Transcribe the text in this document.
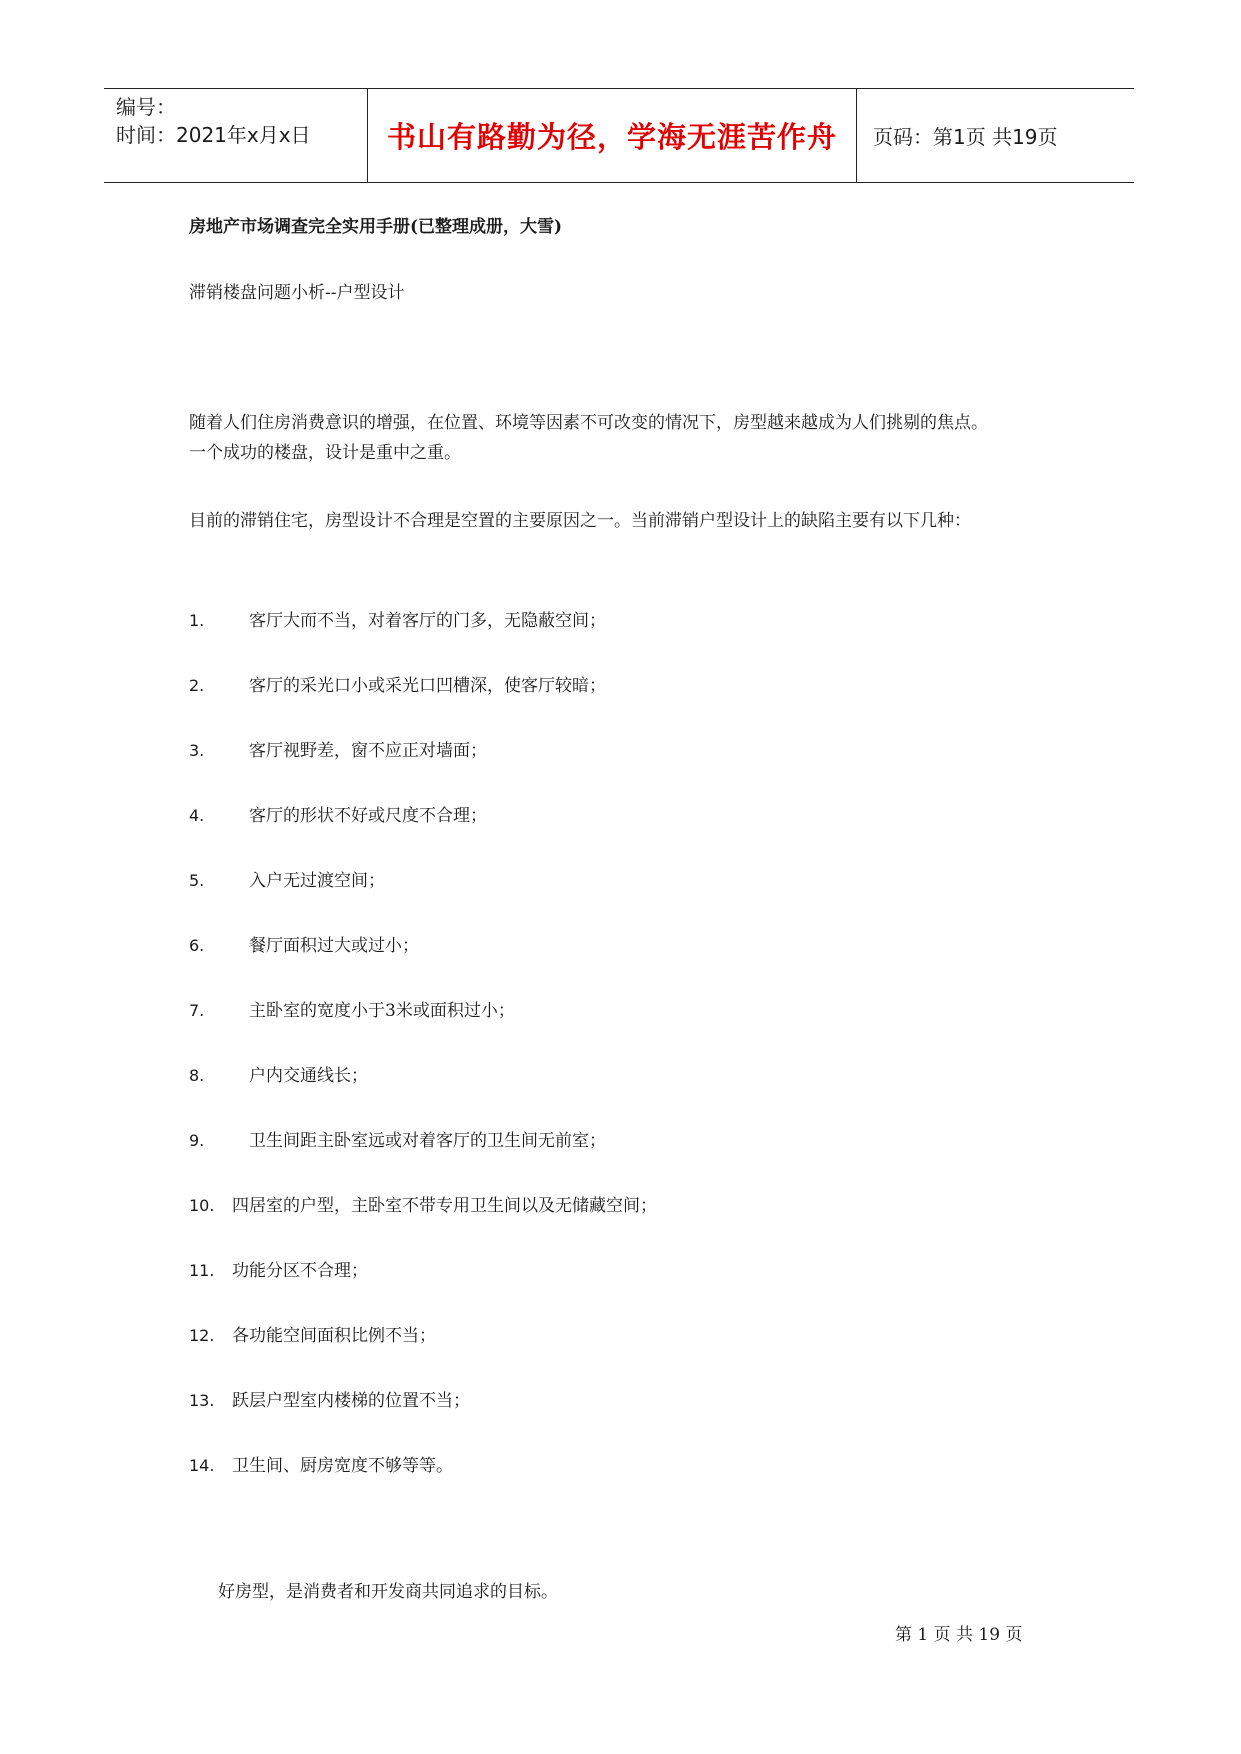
编号：
时间：2021年x月x日	书山有路勤为径，学海无涯苦作舟 页码：第1页 共19页
房地产市场调查完全实用手册(已整理成册，大雪)
滞销楼盘问题小析--户型设计
随着人们住房消费意识的增强，在位置、环境等因素不可改变的情况下，房型越来越成为人们挑剔的焦点。
一个成功的楼盘，设计是重中之重。
目前的滞销住宅，房型设计不合理是空置的主要原因之一。当前滞销户型设计上的缺陷主要有以下几种：
1.	客厅大而不当，对着客厅的门多，无隐蔽空间；
2.	客厅的采光口小或采光口凹槽深，使客厅较暗；
3.	客厅视野差，窗不应正对墙面；
4.	客厅的形状不好或尺度不合理；
5.	入户无过渡空间；
6.	餐厅面积过大或过小；
7.	主卧室的宽度小于3米或面积过小；
8.	户内交通线长；
9.	卫生间距主卧室远或对着客厅的卫生间无前室；
10. 四居室的户型，主卧室不带专用卫生间以及无储藏空间；
11. 功能分区不合理；
12. 各功能空间面积比例不当；
13. 跃层户型室内楼梯的位置不当；
14. 卫生间、厨房宽度不够等等。
好房型，是消费者和开发商共同追求的目标。
第 1 页 共 19 页
